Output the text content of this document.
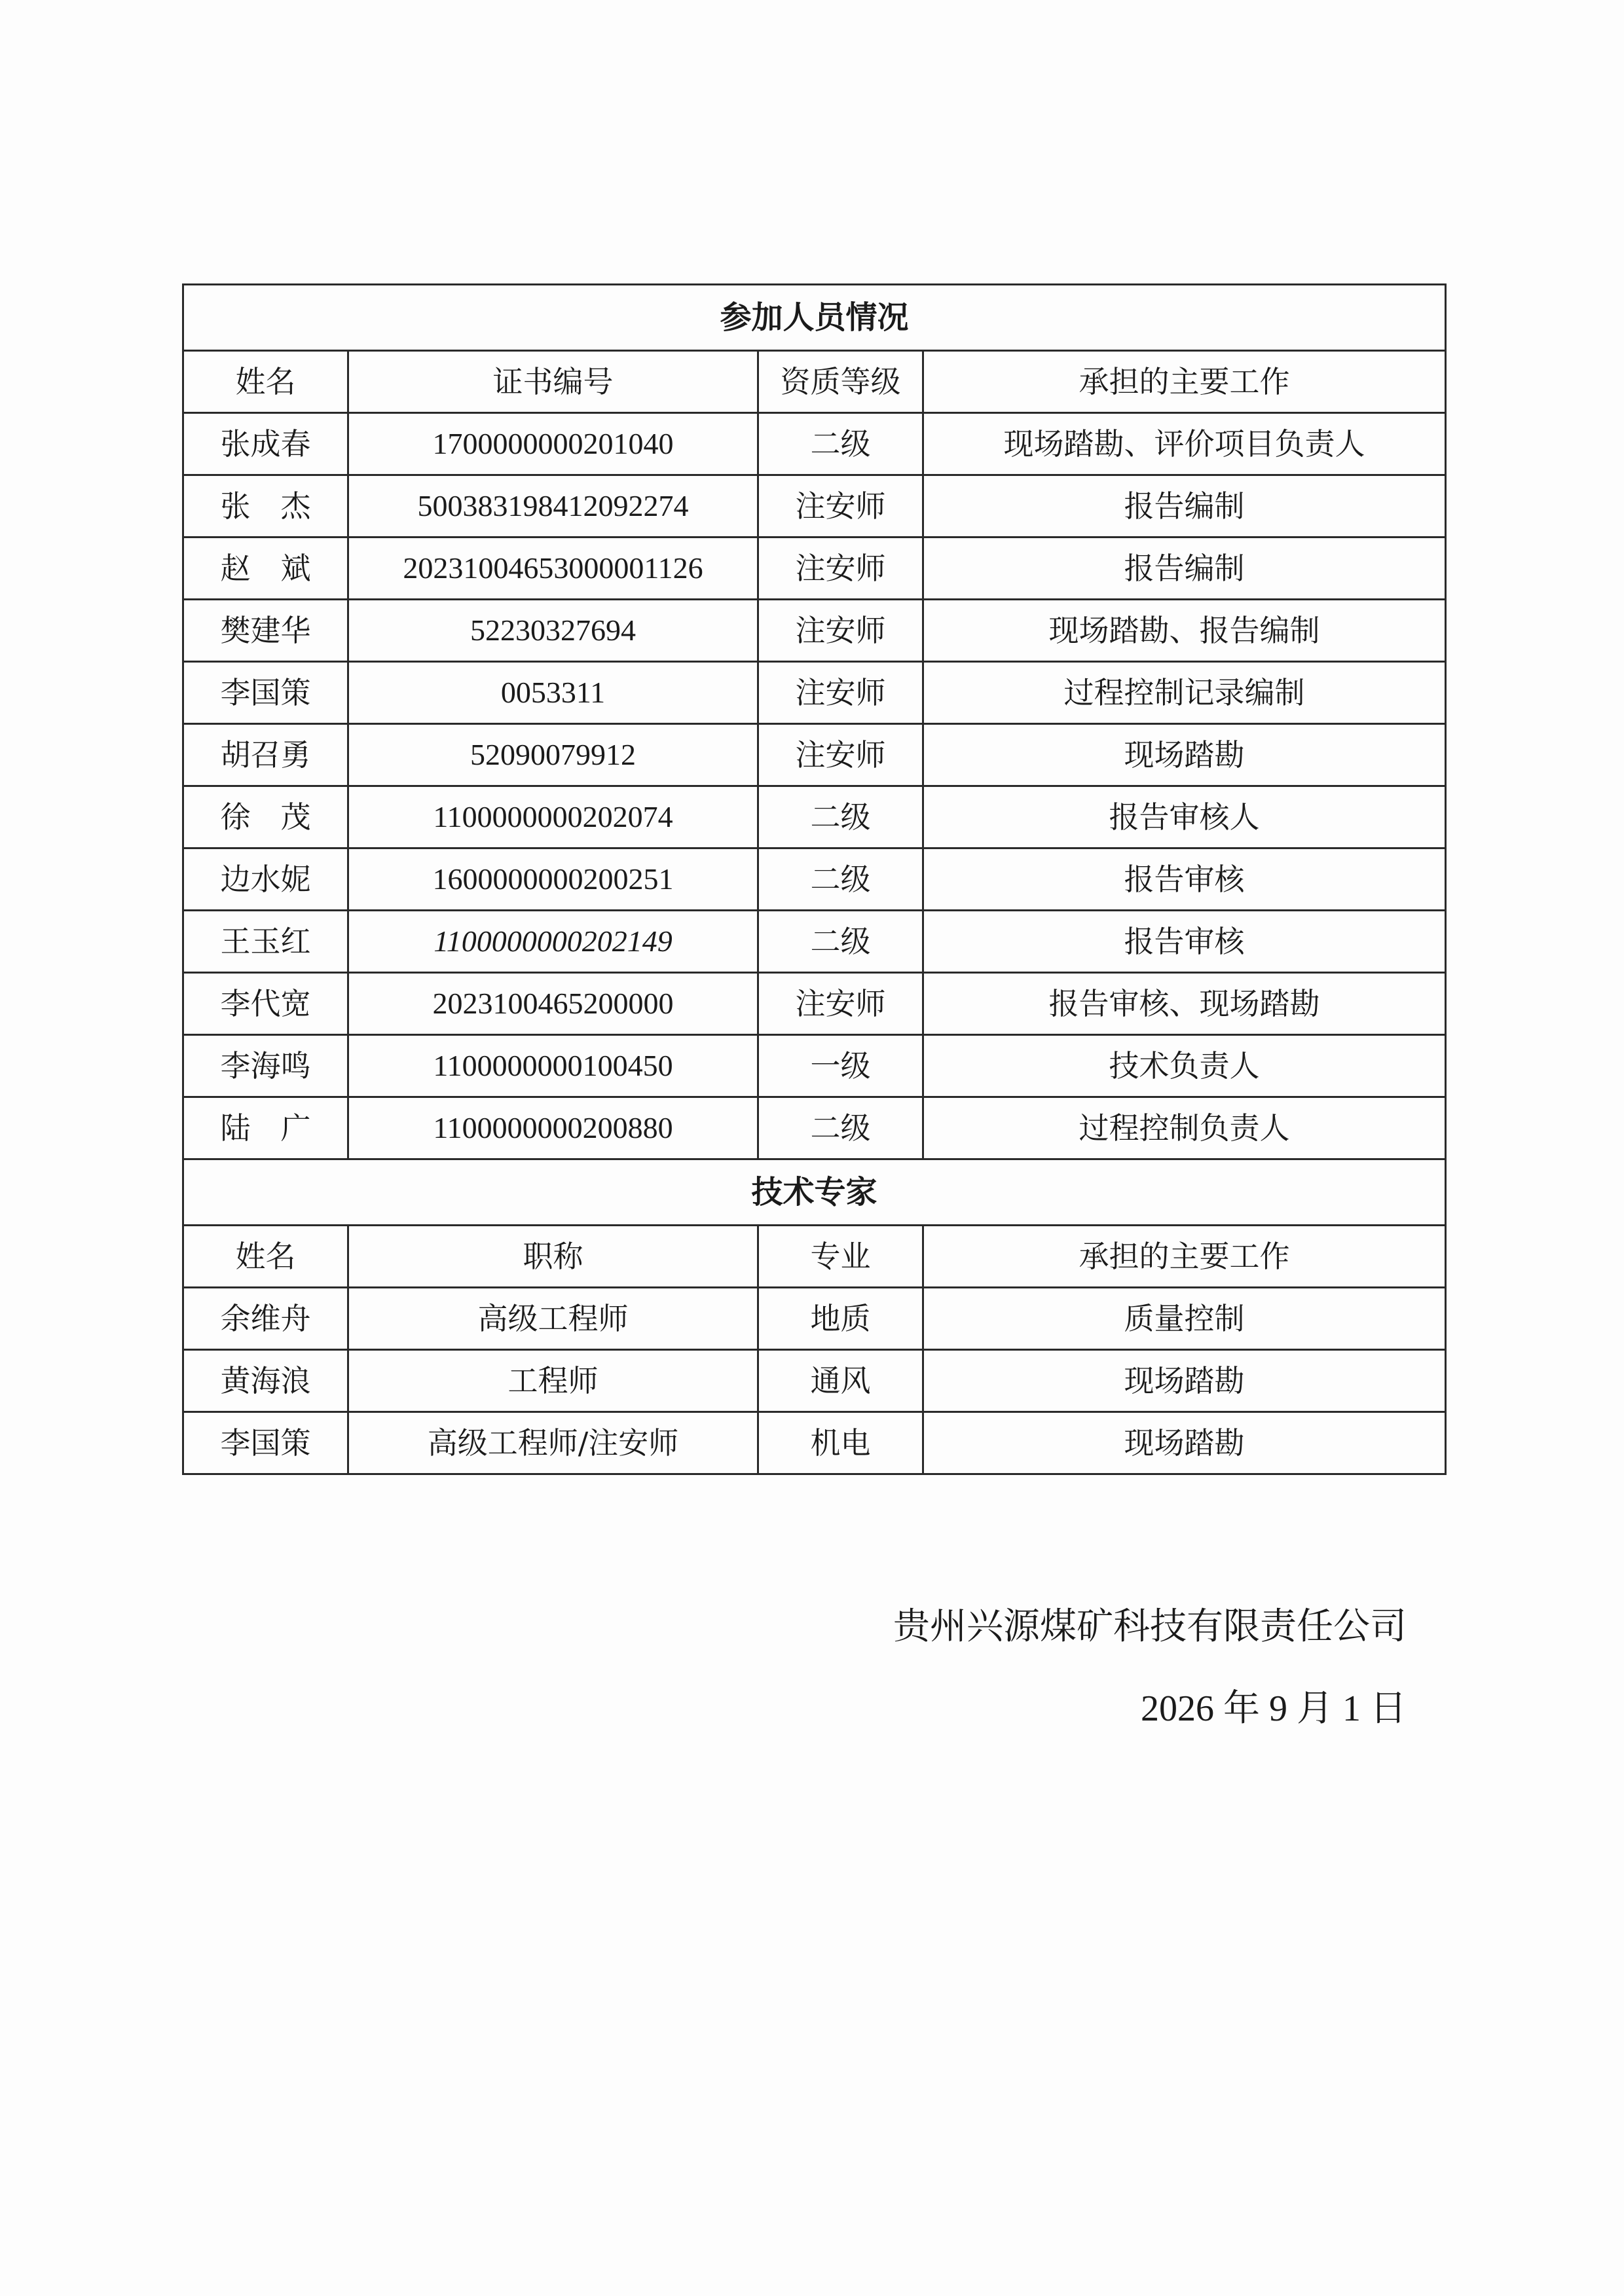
参加人员情况			
姓名	证书编号	资质等级	承担的主要工作
张成春	1700000000201040	二级	现场踏勘、评价项目负责人
张　杰	500383198412092274	注安师	报告编制
赵　斌	20231004653000001126	注安师	报告编制
樊建华	52230327694	注安师	现场踏勘、报告编制
李国策	0053311	注安师	过程控制记录编制
胡召勇	52090079912	注安师	现场踏勘
徐　茂	1100000000202074	二级	报告审核人
边水妮	1600000000200251	二级	报告审核
王玉红	1100000000202149	二级	报告审核
李代宽	2023100465200000	注安师	报告审核、现场踏勘
李海鸣	1100000000100450	一级	技术负责人
陆　广	1100000000200880	二级	过程控制负责人
技术专家			
姓名	职称	专业	承担的主要工作
余维舟	高级工程师	地质	质量控制
黄海浪	工程师	通风	现场踏勘
李国策	高级工程师/注安师	机电	现场踏勘
贵州兴源煤矿科技有限责任公司
2026 年 9 月 1 日
